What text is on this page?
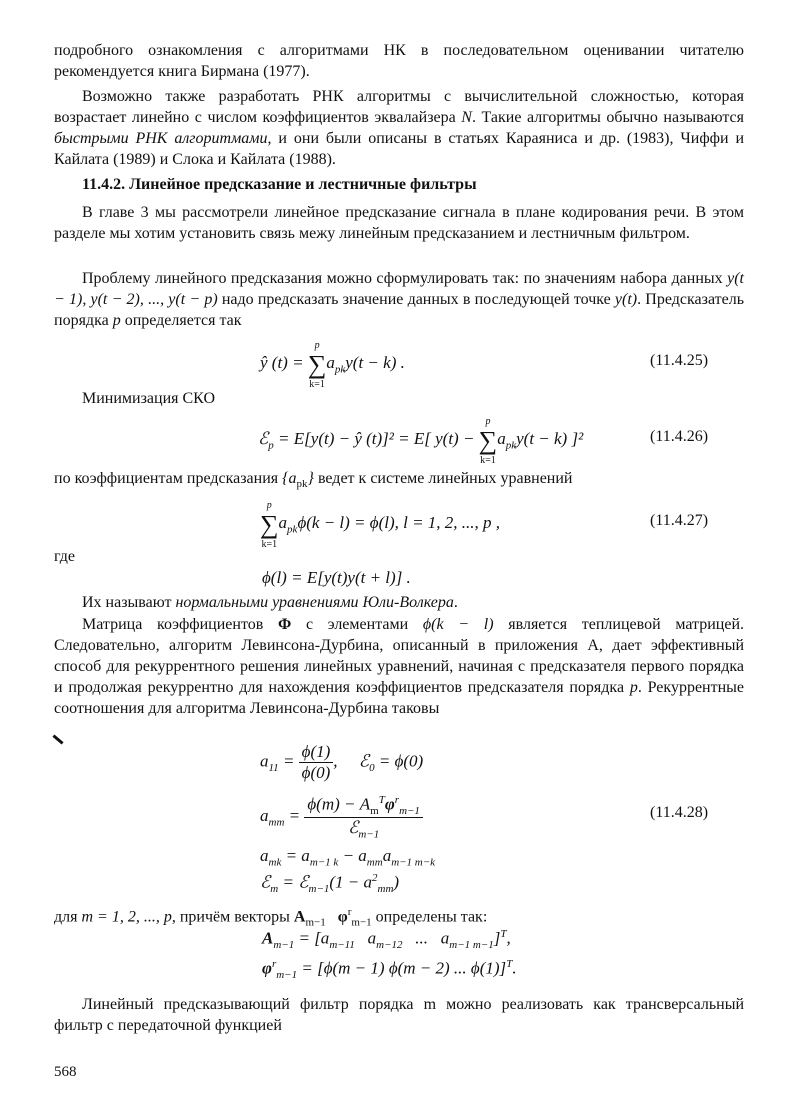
подробного ознакомления с алгоритмами НК в последовательном оценивании читателю рекомендуется книга Бирмана (1977).

Возможно также разработать РНК алгоритмы с вычислительной сложностью, которая возрастает линейно с числом коэффициентов эквалайзера N. Такие алгоритмы обычно называются быстрыми РНК алгоритмами, и они были описаны в статьях Караяниса и др. (1983), Чиффи и Кайлата (1989) и Слока и Кайлата (1988).

11.4.2. Линейное предсказание и лестничные фильтры

В главе 3 мы рассмотрели линейное предсказание сигнала в плане кодирования речи. В этом разделе мы хотим установить связь межу линейным предсказанием и лестничным фильтром.

Проблему линейного предсказания можно сформулировать так: по значениям набора данных y(t − 1), y(t − 2), ..., y(t − p) надо предсказать значение данных в последующей точке y(t). Предсказатель порядка p определяется так

ŷ (t) =
p
∑
k=1
$a_{pk}y(t - k)$ .	(11.4.25)
Минимизация СКО
ℰ$_p$ = E[y(t) − ŷ (t)]² = E[ y(t) −
p
∑
k=1
$a_{pk}y(t - k)$ ]²	(11.4.26)

по коэффициентам предсказания $\{a_{pk}\}$ ведет к системе линейных уравнений

p
∑
k=1
$a_{pk}\phi(k - l) = \phi(l)$, l = 1, 2, ..., p ,	(11.4.27)
где
ϕ(l) = E[y(t)y(t + l)] .

Их называют нормальными уравнениями Юли-Волкера.

Матрица коэффициентов Φ с элементами ϕ(k − l) является теплицевой матрицей. Следовательно, алгоритм Левинсона-Дурбина, описанный в приложения А, дает эффективный способ для рекуррентного решения линейных уравнений, начиная с предсказателя первого порядка и продолжая рекуррентно для нахождения коэффициентов предсказателя порядка p. Рекуррентные соотношения для алгоритма Левинсона-Дурбина таковы

$a_{11} = \frac{\phi(1)}{\phi(0)}$ ,     ℰ$_0$ = ϕ(0)
$a_{mm} = \frac{\phi(m) - A_m^T\varphi^r_{m-1}}{ℰ_{m-1}}$	(11.4.28)
$a_{mk} = a_{m-1 k} - a_{mm}a_{m-1 m-k}$
ℰ$_m$ = ℰ$_{m-1}$(1 − $a^2_{mm}$)

для m = 1, 2, ..., p, причём векторы $A_{m-1}$ $\varphi^r_{m-1}$ определены так:

$A_{m-1} = [a_{m-11}$   $a_{m-12}$ ...   $a_{m-1 m-1}]^T$,
$\varphi^r_{m-1} = [\phi(m - 1) \phi(m - 2)$ ... ϕ(1)]$^T$.

Линейный предсказывающий фильтр порядка m можно реализовать как трансверсальный фильтр с передаточной функцией

568
